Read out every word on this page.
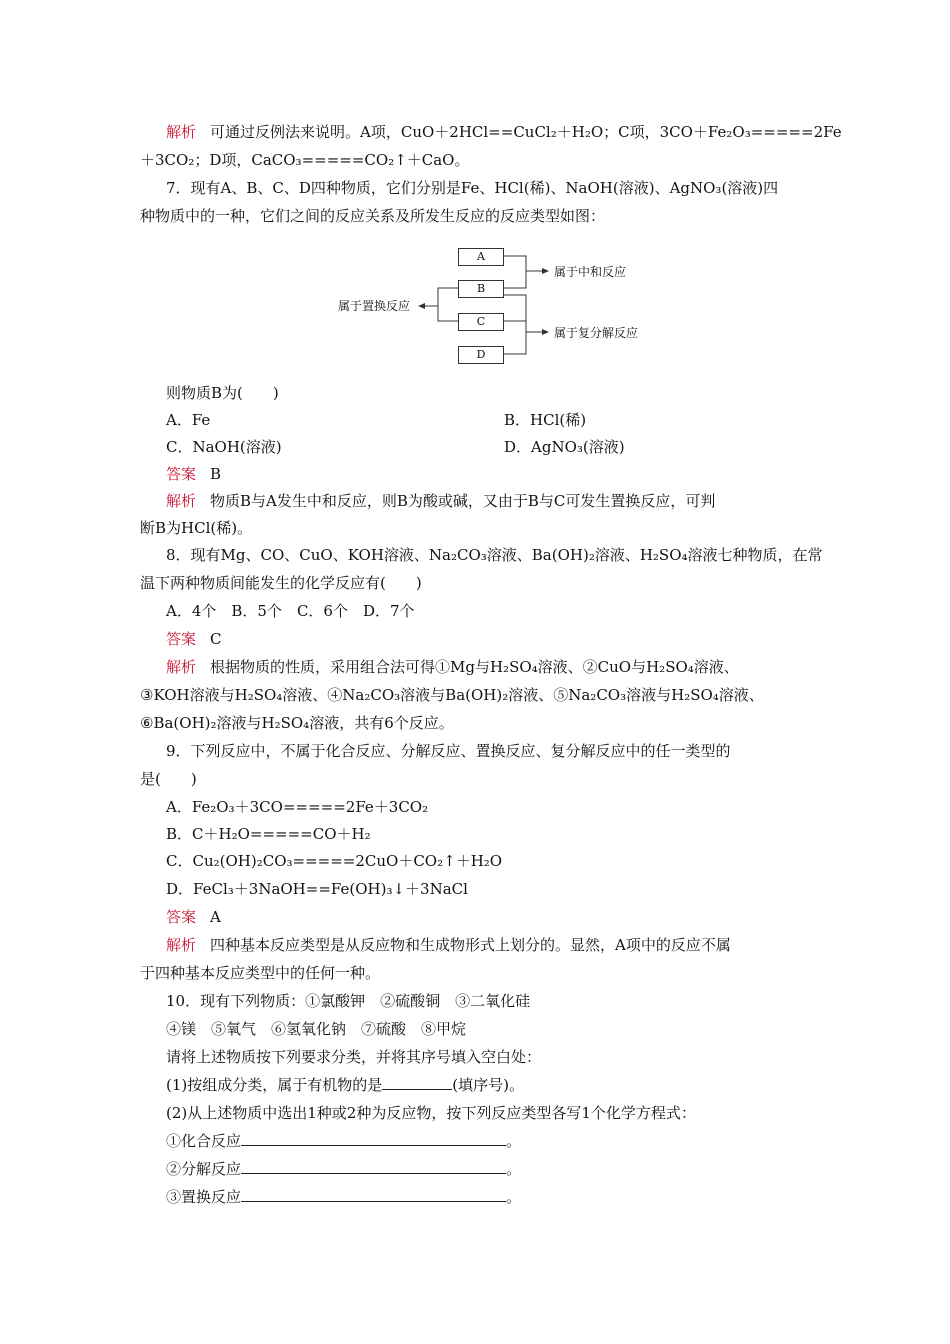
解析 可通过反例法来说明。A项，CuO＋2HCl==CuCl₂＋H₂O；C项，3CO＋Fe₂O₃=====2Fe
＋3CO₂；D项，CaCO₃=====CO₂↑＋CaO。
7．现有A、B、C、D四种物质，它们分别是Fe、HCl(稀)、NaOH(溶液)、AgNO₃(溶液)四
种物质中的一种，它们之间的反应关系及所发生反应的反应类型如图：
A
B
C
D
属于置换反应
属于中和反应
属于复分解反应
则物质B为(　　)
A．Fe	B．HCl(稀)
C．NaOH(溶液)	D．AgNO₃(溶液)
答案 B
解析 物质B与A发生中和反应，则B为酸或碱，又由于B与C可发生置换反应，可判
断B为HCl(稀)。
8．现有Mg、CO、CuO、KOH溶液、Na₂CO₃溶液、Ba(OH)₂溶液、H₂SO₄溶液七种物质，在常
温下两种物质间能发生的化学反应有(　　)
A．4个　B．5个　C．6个　D．7个
答案 C
解析 根据物质的性质，采用组合法可得①Mg与H₂SO₄溶液、②CuO与H₂SO₄溶液、
③KOH溶液与H₂SO₄溶液、④Na₂CO₃溶液与Ba(OH)₂溶液、⑤Na₂CO₃溶液与H₂SO₄溶液、
⑥Ba(OH)₂溶液与H₂SO₄溶液，共有6个反应。
9．下列反应中，不属于化合反应、分解反应、置换反应、复分解反应中的任一类型的
是(　　)
A．Fe₂O₃＋3CO=====2Fe＋3CO₂
B．C＋H₂O=====CO＋H₂
C．Cu₂(OH)₂CO₃=====2CuO＋CO₂↑＋H₂O
D．FeCl₃＋3NaOH==Fe(OH)₃↓＋3NaCl
答案 A
解析 四种基本反应类型是从反应物和生成物形式上划分的。显然，A项中的反应不属
于四种基本反应类型中的任何一种。
10．现有下列物质：①氯酸钾　②硫酸铜　③二氧化硅
④镁　⑤氧气　⑥氢氧化钠　⑦硫酸　⑧甲烷
请将上述物质按下列要求分类，并将其序号填入空白处：
(1)按组成分类，属于有机物的是	(填序号)。
(2)从上述物质中选出1种或2种为反应物，按下列反应类型各写1个化学方程式：
①化合反应	。
②分解反应	。
③置换反应	。
